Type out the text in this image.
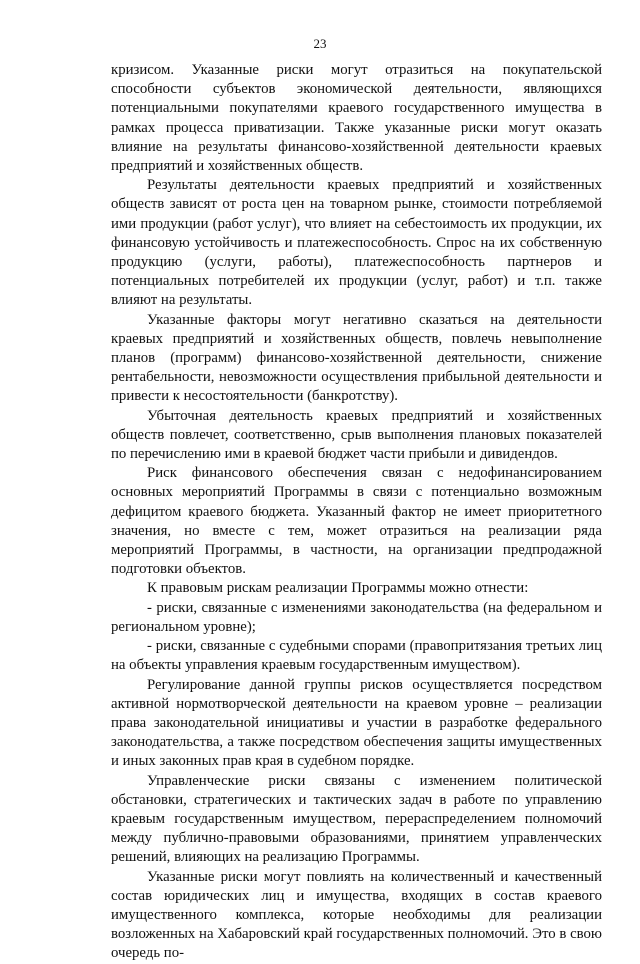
23

кризисом. Указанные риски могут отразиться на покупательской способности субъектов экономической деятельности, являющихся потенциальными покупателями краевого государственного имущества в рамках процесса приватизации. Также указанные риски могут оказать влияние на результаты финансово-хозяйственной деятельности краевых предприятий и хозяйственных обществ.

Результаты деятельности краевых предприятий и хозяйственных обществ зависят от роста цен на товарном рынке, стоимости потребляемой ими продукции (работ услуг), что влияет на себестоимость их продукции, их финансовую устойчивость и платежеспособность. Спрос на их собственную продукцию (услуги, работы), платежеспособность партнеров и потенциальных потребителей их продукции (услуг, работ) и т.п. также влияют на результаты.

Указанные факторы могут негативно сказаться на деятельности краевых предприятий и хозяйственных обществ, повлечь невыполнение планов (программ) финансово-хозяйственной деятельности, снижение рентабельности, невозможности осуществления прибыльной деятельности и привести к несостоятельности (банкротству).

Убыточная деятельность краевых предприятий и хозяйственных обществ повлечет, соответственно, срыв выполнения плановых показателей по перечислению ими в краевой бюджет части прибыли и дивидендов.

Риск финансового обеспечения связан с недофинансированием основных мероприятий Программы в связи с потенциально возможным дефицитом краевого бюджета. Указанный фактор не имеет приоритетного значения, но вместе с тем, может отразиться на реализации ряда мероприятий Программы, в частности, на организации предпродажной подготовки объектов.

К правовым рискам реализации Программы можно отнести:

- риски, связанные с изменениями законодательства (на федеральном и региональном уровне);

- риски, связанные с судебными спорами (правопритязания третьих лиц на объекты управления краевым государственным имуществом).

Регулирование данной группы рисков осуществляется посредством активной нормотворческой деятельности на краевом уровне – реализации права законодательной инициативы и участии в разработке федерального законодательства, а также посредством обеспечения защиты имущественных и иных законных прав края в судебном порядке.

Управленческие риски связаны с изменением политической обстановки, стратегических и тактических задач в работе по управлению краевым государственным имуществом, перераспределением полномочий между публично-правовыми образованиями, принятием управленческих решений, влияющих на реализацию Программы.

Указанные риски могут повлиять на количественный и качественный состав юридических лиц и имущества, входящих в состав краевого имущественного комплекса, которые необходимы для реализации возложенных на Хабаровский край государственных полномочий. Это в свою очередь по-
